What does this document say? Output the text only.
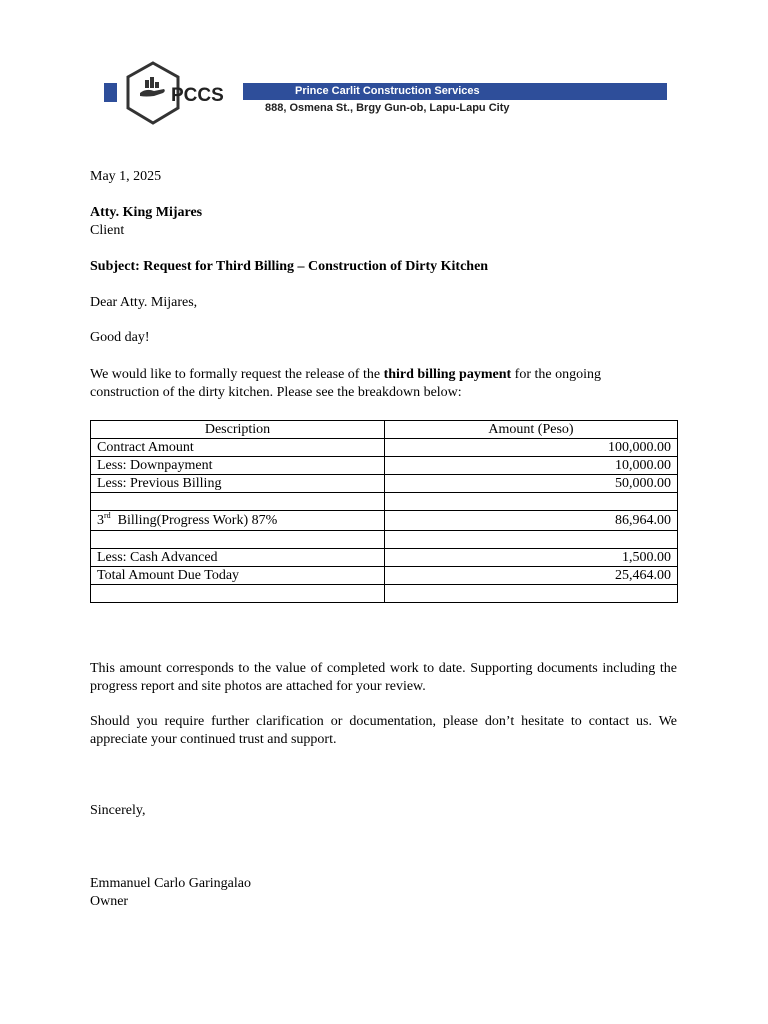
PCCS	Prince Carlit Construction Services
888, Osmena St., Brgy Gun-ob, Lapu-Lapu City
May 1, 2025
Atty. King Mijares
Client
Subject: Request for Third Billing – Construction of Dirty Kitchen
Dear Atty. Mijares,
Good day!
We would like to formally request the release of the third billing payment for the ongoing construction of the dirty kitchen. Please see the breakdown below:
Description	Amount (Peso)
Contract Amount	100,000.00
Less: Downpayment	10,000.00
Less: Previous Billing	50,000.00

3rd Billing(Progress Work) 87%	86,964.00

Less: Cash Advanced	1,500.00
Total Amount Due Today	25,464.00

This amount corresponds to the value of completed work to date. Supporting documents including the progress report and site photos are attached for your review.
Should you require further clarification or documentation, please don’t hesitate to contact us. We appreciate your continued trust and support.
Sincerely,
Emmanuel Carlo Garingalao
Owner
